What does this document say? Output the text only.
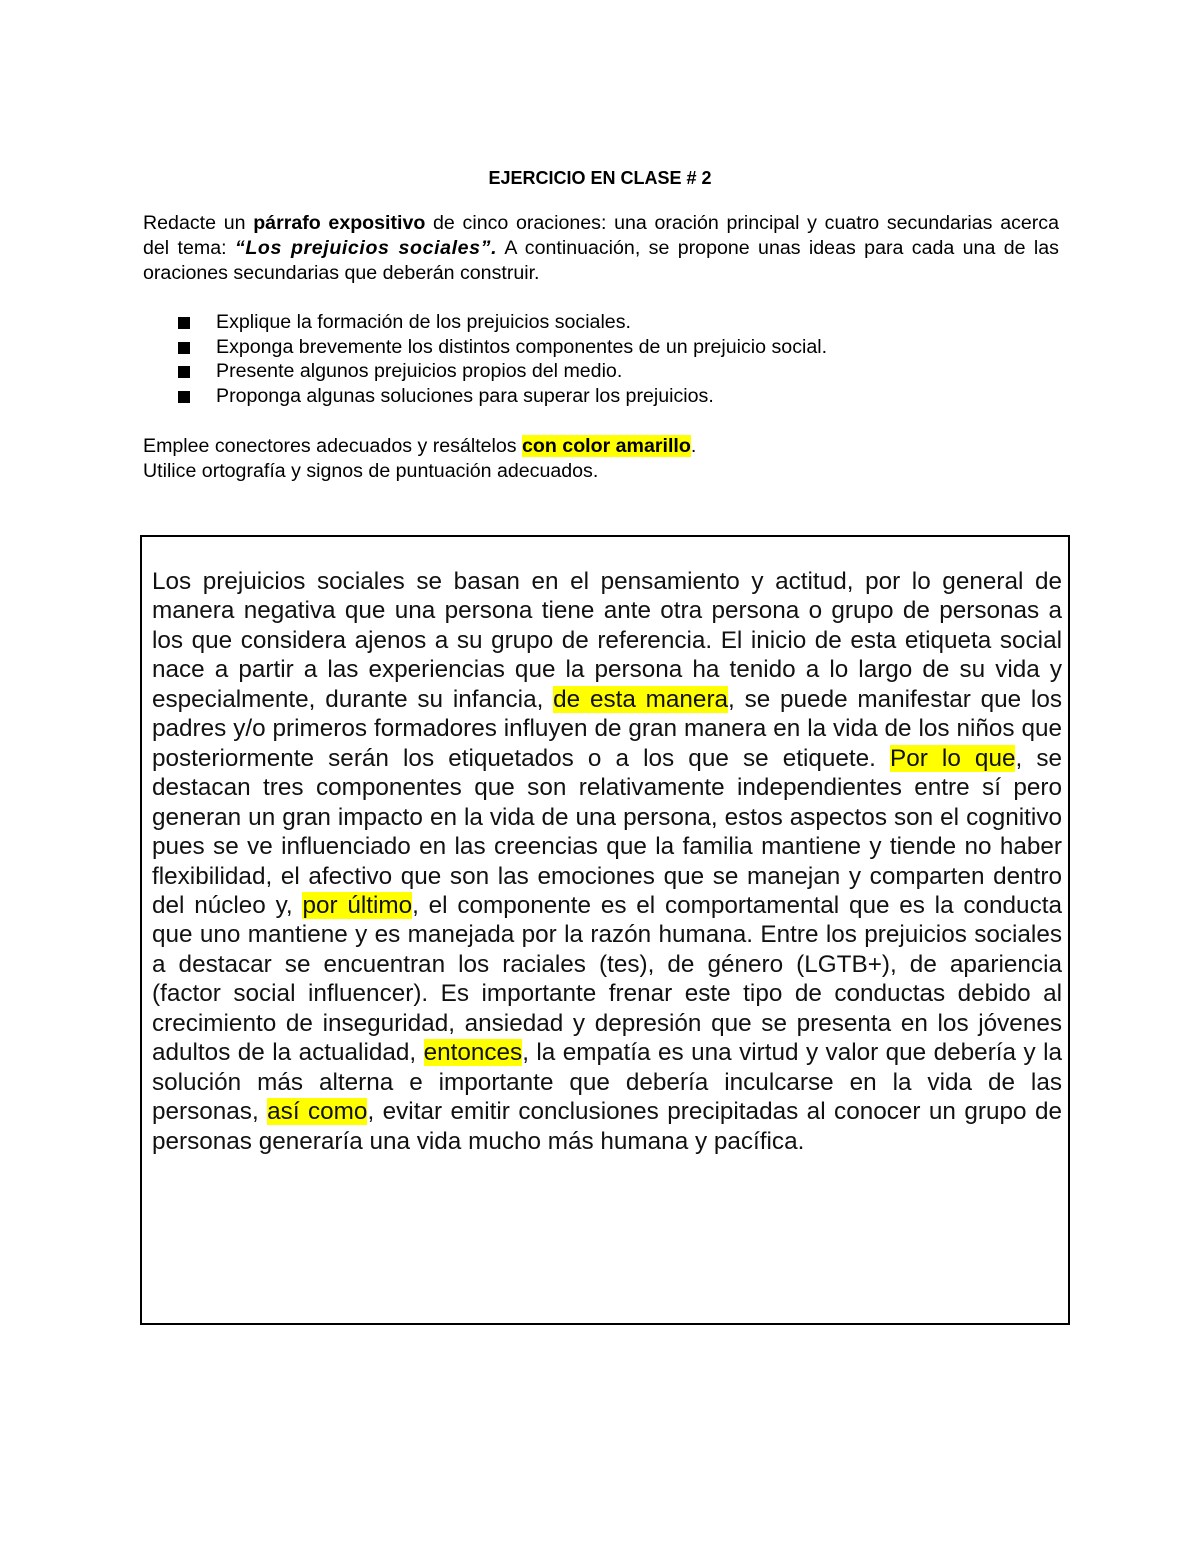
EJERCICIO EN CLASE # 2
Redacte un párrafo expositivo de cinco oraciones: una oración principal y cuatro secundarias acerca del tema: “Los prejuicios sociales”. A continuación, se propone unas ideas para cada una de las oraciones secundarias que deberán construir.
Explique la formación de los prejuicios sociales.
Exponga brevemente los distintos componentes de un prejuicio social.
Presente algunos prejuicios propios del medio.
Proponga algunas soluciones para superar los prejuicios.
Emplee conectores adecuados y resáltelos con color amarillo.
Utilice ortografía y signos de puntuación adecuados.
Los prejuicios sociales se basan en el pensamiento y actitud, por lo general de manera negativa que una persona tiene ante otra persona o grupo de personas a los que considera ajenos a su grupo de referencia. El inicio de esta etiqueta social nace a partir a las experiencias que la persona ha tenido a lo largo de su vida y especialmente, durante su infancia, de esta manera, se puede manifestar que los padres y/o primeros formadores influyen de gran manera en la vida de los niños que posteriormente serán los etiquetados o a los que se etiquete. Por lo que, se destacan tres componentes que son relativamente independientes entre sí pero generan un gran impacto en la vida de una persona, estos aspectos son el cognitivo pues se ve influenciado en las creencias que la familia mantiene y tiende no haber flexibilidad, el afectivo que son las emociones que se manejan y comparten dentro del núcleo y, por último, el componente es el comportamental que es la conducta que uno mantiene y es manejada por la razón humana. Entre los prejuicios sociales a destacar se encuentran los raciales (tes), de género (LGTB+), de apariencia (factor social influencer). Es importante frenar este tipo de conductas debido al crecimiento de inseguridad, ansiedad y depresión que se presenta en los jóvenes adultos de la actualidad, entonces, la empatía es una virtud y valor que debería y la solución más alterna e importante que debería inculcarse en la vida de las personas, así como, evitar emitir conclusiones precipitadas al conocer un grupo de personas generaría una vida mucho más humana y pacífica.
